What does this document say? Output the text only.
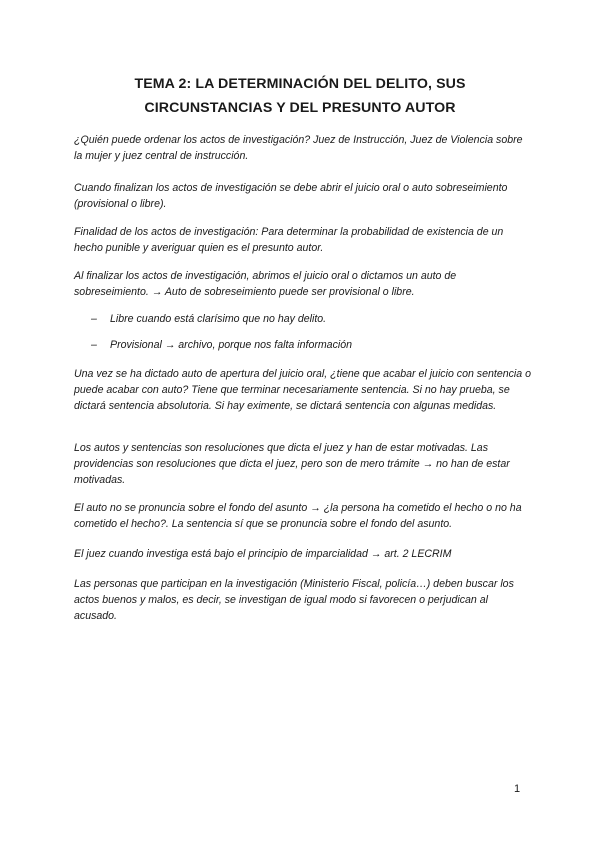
TEMA 2: LA DETERMINACIÓN DEL DELITO, SUS
CIRCUNSTANCIAS Y DEL PRESUNTO AUTOR

¿Quién puede ordenar los actos de investigación? Juez de Instrucción, Juez de Violencia sobre la mujer y juez central de instrucción.

Cuando finalizan los actos de investigación se debe abrir el juicio oral o auto sobreseimiento (provisional o libre).

Finalidad de los actos de investigación: Para determinar la probabilidad de existencia de un hecho punible y averiguar quien es el presunto autor.

Al finalizar los actos de investigación, abrimos el juicio oral o dictamos un auto de sobreseimiento. → Auto de sobreseimiento puede ser provisional o libre.

– Libre cuando está clarísimo que no hay delito.
– Provisional → archivo, porque nos falta información

Una vez se ha dictado auto de apertura del juicio oral, ¿tiene que acabar el juicio con sentencia o puede acabar con auto? Tiene que terminar necesariamente sentencia. Si no hay prueba, se dictará sentencia absolutoria. Si hay eximente, se dictará sentencia con algunas medidas.

Los autos y sentencias son resoluciones que dicta el juez y han de estar motivadas. Las providencias son resoluciones que dicta el juez, pero son de mero trámite → no han de estar motivadas.

El auto no se pronuncia sobre el fondo del asunto → ¿la persona ha cometido el hecho o no ha cometido el hecho?. La sentencia sí que se pronuncia sobre el fondo del asunto.

El juez cuando investiga está bajo el principio de imparcialidad → art. 2 LECRIM

Las personas que participan en la investigación (Ministerio Fiscal, policía…) deben buscar los actos buenos y malos, es decir, se investigan de igual modo si favorecen o perjudican al acusado.

1
